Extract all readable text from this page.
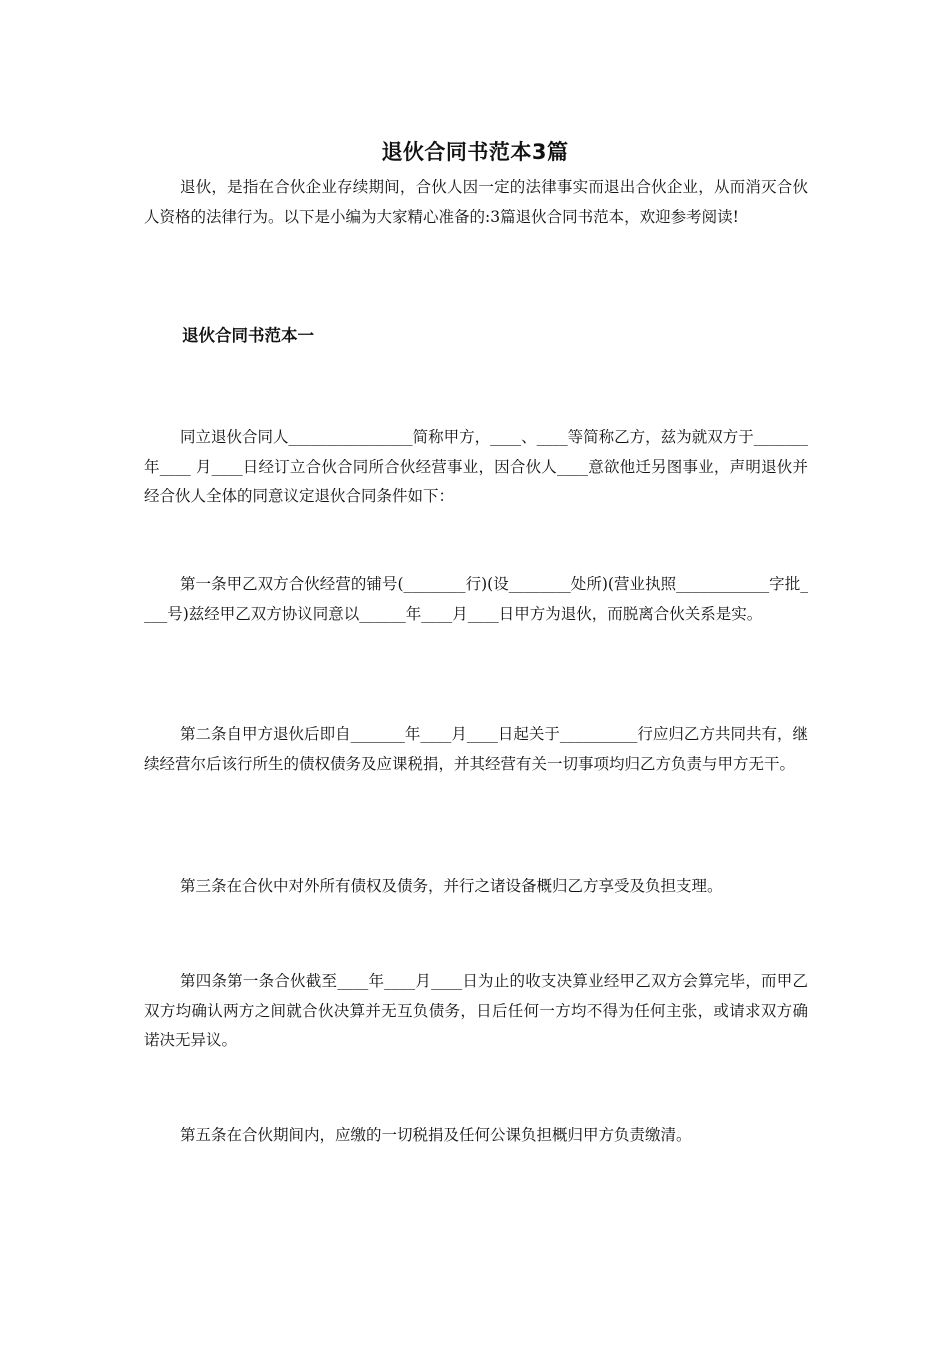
退伙合同书范本3篇

退伙，是指在合伙企业存续期间，合伙人因一定的法律事实而退出合伙企业，从而消灭合伙人资格的法律行为。以下是小编为大家精心准备的:3篇退伙合同书范本，欢迎参考阅读!

退伙合同书范本一

同立退伙合同人________________简称甲方，____、____等简称乙方，兹为就双方于_______年____ 月____日经订立合伙合同所合伙经营事业，因合伙人____意欲他迁另图事业，声明退伙并经合伙人全体的同意议定退伙合同条件如下：

第一条甲乙双方合伙经营的铺号(________行)(设________处所)(营业执照____________字批____号)兹经甲乙双方协议同意以______年____月____日甲方为退伙，而脱离合伙关系是实。

第二条自甲方退伙后即自_______年____月____日起关于__________行应归乙方共同共有，继续经营尔后该行所生的债权债务及应课税捐，并其经营有关一切事项均归乙方负责与甲方无干。

第三条在合伙中对外所有债权及债务，并行之诸设备概归乙方享受及负担支理。

第四条第一条合伙截至____年____月____日为止的收支决算业经甲乙双方会算完毕，而甲乙双方均确认两方之间就合伙决算并无互负债务，日后任何一方均不得为任何主张，或请求双方确诺决无异议。

第五条在合伙期间内，应缴的一切税捐及任何公课负担概归甲方负责缴清。
